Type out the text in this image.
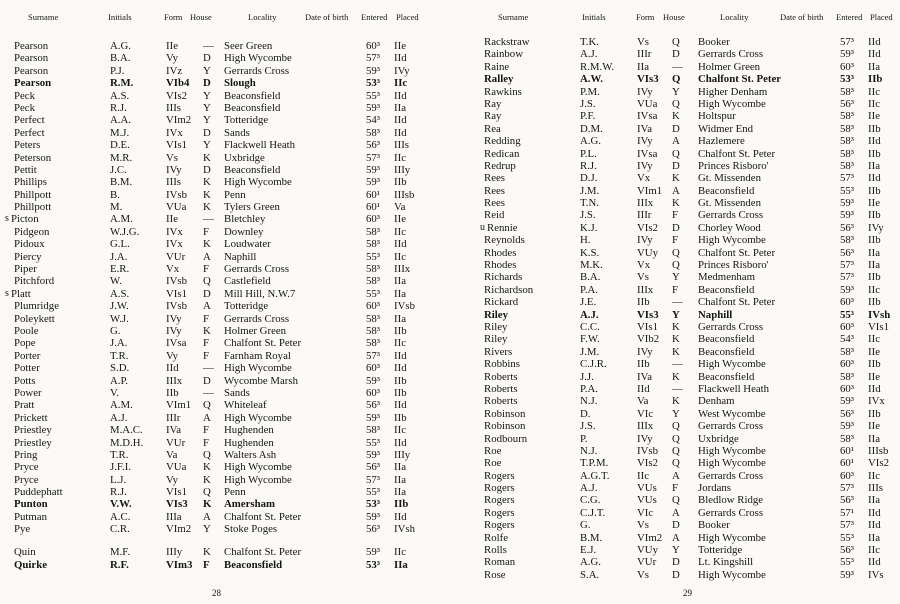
Surname	Initials	Form House	Locality	Date of birth Entered Placed
Pearson	A.G.	IIe — Seer Green	60³ IIe
Pearson	B.A.	Vy D High Wycombe	57³ IId
Pearson	P.J.	IVz Y Gerrards Cross	59³ IVy
Pearson	R.M.	VIb4 D Slough	53³ IIc
Peck	A.S.	VIs2 Y Beaconsfield	55³ IId
Peck	R.J.	IIIs Y Beaconsfield	59³ IIa
Perfect	A.A.	VIm2 Y Totteridge	54³ IId
Perfect	M.J.	IVx D Sands	58³ IId
Peters	D.E.	VIs1 Y Flackwell Heath	56³ IIIs
Peterson	M.R.	Vs K Uxbridge	57³ IIc
Pettit	J.C.	IVy D Beaconsfield	59³ IIIy
Phillips	B.M.	IIIs K High Wycombe	59³ IIb
Phillpott	B.	IVsb K Penn	60¹ IIIsb
Phillpott	M.	VUa K Tylers Green	60¹ Va
s Picton	A.M.	IIe — Bletchley	60³ IIe
Pidgeon	W.J.G. IVx F Downley	58³ IIc
Pidoux	G.L.	IVx K Loudwater	58³ IId
Piercy	J.A.	VUr A Naphill	55³ IIc
Piper	E.R.	Vx F Gerrards Cross	58³ IIIx
Pitchford	W.	IVsb Q Castlefield	58³ IIa
s Platt	A.S.	VIs1 D Mill Hill, N.W.7	55³ IIa
Plumridge	J.W.	IVsb A Totteridge	60³ IVsb
Poleykett	W.J.	IVy F Gerrards Cross	58³ IIa
Poole	G.	IVy K Holmer Green	58³ IIb
Pope	J.A.	IVsa F Chalfont St. Peter	58³ IIc
Porter	T.R.	Vy F Farnham Royal	57³ IId
Potter	S.D.	IId — High Wycombe	60³ IId
Potts	A.P.	IIIx D Wycombe Marsh	59³ IIb
Power	V.	IIb — Sands	60³ IIb
Pratt	A.M.	VIm1 Q Whiteleaf	56³ IId
Prickett	A.J.	IIIr A High Wycombe	59³ IIb
Priestley	M.A.C. IVa F Hughenden	58³ IIc
Priestley	M.D.H. VUr F Hughenden	55³ IId
Pring	T.R.	Va Q Walters Ash	59³ IIIy
Pryce	J.F.I.	VUa K High Wycombe	56³ IIa
Pryce	L.J.	Vy K High Wycombe	57³ IIa
Puddephatt	R.J.	VIs1 Q Penn	55³ IIa
Punton	V.W.	VIs3 K Amersham	53³ IIb
Putman	A.C.	IIIa A Chalfont St. Peter	59³ IId
Pye	C.R.	VIm2 Y Stoke Poges	56³ IVsh
Quin	M.F.	IIIy K Chalfont St. Peter	59³ IIc
Quirke	R.F.	VIm3 F Beaconsfield	53³ IIa
28
Surname	Initials	Form House	Locality	Date of birth Entered Placed
Rackstraw	T.K.	Vs Q Booker	57³ IId
Rainbow	A.J.	IIIr D Gerrards Cross	59³ IId
Raine	R.M.W. IIa — Holmer Green	60³ IIa
Ralley	A.W.	VIs3 Q Chalfont St. Peter	53³ IIb
Rawkins	P.M.	IVy Y Higher Denham	58³ IIc
Ray	J.S.	VUa Q High Wycombe	56³ IIc
Ray	P.F.	IVsa K Holtspur	58³ IIe
Rea	D.M.	IVa D Widmer End	58³ IIb
Redding	A.G.	IVy A Hazlemere	58³ IId
Redican	P.L.	IVsa Q Chalfont St. Peter	58³ IIb
Redrup	R.J.	IVy D Princes Risboro'	58³ IIa
Rees	D.J.	Vx K Gt. Missenden	57³ IId
Rees	J.M.	VIm1 A Beaconsfield	55³ IIb
Rees	T.N.	IIIx K Gt. Missenden	59³ IIe
Reid	J.S.	IIIr F Gerrards Cross	59³ IIb
u Rennie	K.J.	VIs2 D Chorley Wood	56³ IVy
Reynolds	H.	IVy F High Wycombe	58³ IIb
Rhodes	K.S.	VUy Q Chalfont St. Peter	56³ IIa
Rhodes	M.K.	Vx Q Princes Risboro'	57³ IIa
Richards	B.A.	Vs Y Medmenham	57³ IIb
Richardson	P.A.	IIIx F Beaconsfield	59³ IIc
Rickard	J.E.	IIb — Chalfont St. Peter	60³ IIb
Riley	A.J.	VIs3 Y Naphill	55³ IVsh
Riley	C.C.	VIs1 K Gerrards Cross	60³ VIs1
Riley	F.W.	VIb2 K Beaconsfield	54³ IIc
Rivers	J.M.	IVy K Beaconsfield	58³ IIe
Robbins	C.J.R.	IIb — High Wycombe	60³ IIb
Roberts	J.J.	IVa K Beaconsfield	58³ IIe
Roberts	P.A.	IId — Flackwell Heath	60³ IId
Roberts	N.J.	Va K Denham	59³ IVx
Robinson	D.	VIc Y West Wycombe	56³ IIb
Robinson	J.S.	IIIx Q Gerrards Cross	59³ IIe
Rodbourn	P.	IVy Q Uxbridge	58³ IIa
Roe	N.J.	IVsb Q High Wycombe	60¹ IIIsb
Roe	T.P.M.	VIs2 Q High Wycombe	60¹ VIs2
Rogers	A.G.T.	IIc A Gerrards Cross	60³ IIc
Rogers	A.J.	VUs F Jordans	57³ IIIs
Rogers	C.G.	VUs Q Bledlow Ridge	56³ IIa
Rogers	C.J.T.	VIc A Gerrards Cross	57¹ IId
Rogers	G.	Vs D Booker	57³ IId
Rolfe	B.M.	VIm2 A High Wycombe	55³ IIa
Rolls	E.J.	VUy Y Totteridge	56³ IIc
Roman	A.G.	VUr D Lt. Kingshill	55³ IId
Rose	S.A.	Vs D High Wycombe	59³ IVs
29
